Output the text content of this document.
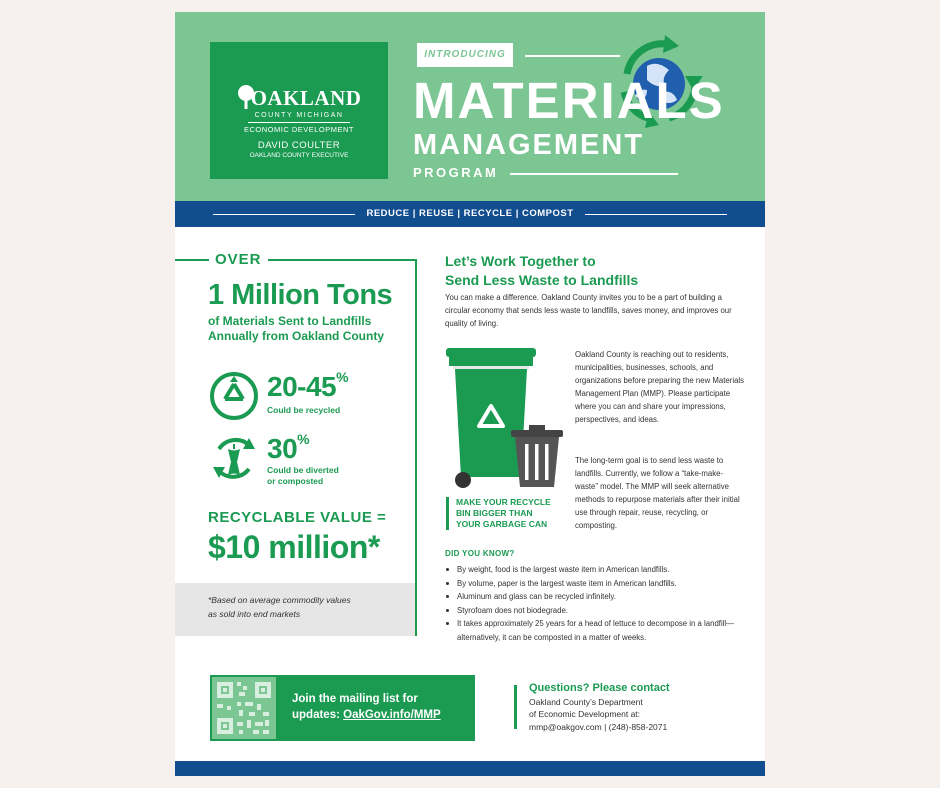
OAKLAND
COUNTY MICHIGAN
ECONOMIC DEVELOPMENT
DAVID COULTER
OAKLAND COUNTY EXECUTIVE
INTRODUCING
MATERIALS
MANAGEMENT
PROGRAM
REDUCE | REUSE | RECYCLE | COMPOST
OVER
1 Million Tons
of Materials Sent to Landfills
Annually from Oakland County
20-45%
Could be recycled
30%
Could be diverted
or composted
RECYCLABLE VALUE =
$10 million*
*Based on average commodity values
as sold into end markets
Let’s Work Together to
Send Less Waste to Landfills
You can make a difference. Oakland County invites you to be a part of building a circular economy that sends less waste to landfills, saves money, and improves our quality of living.
Oakland County is reaching out to residents, municipalities, businesses, schools, and organizations before preparing the new Materials Management Plan (MMP). Please participate where you can and share your impressions, perspectives, and ideas.
The long-term goal is to send less waste to landfills. Currently, we follow a “take-make-waste” model. The MMP will seek alternative methods to repurpose materials after their initial use through repair, reuse, recycling, or composting.
MAKE YOUR RECYCLE
BIN BIGGER THAN
YOUR GARBAGE CAN
DID YOU KNOW?
By weight, food is the largest waste item in American landfills.
By volume, paper is the largest waste item in American landfills.
Aluminum and glass can be recycled infinitely.
Styrofoam does not biodegrade.
It takes approximately 25 years for a head of lettuce to decompose in a landfill—alternatively, it can be composted in a matter of weeks.
Join the mailing list for
updates: OakGov.info/MMP
Questions? Please contact
Oakland County’s Department
of Economic Development at:
mmp@oakgov.com | (248)-858-2071
